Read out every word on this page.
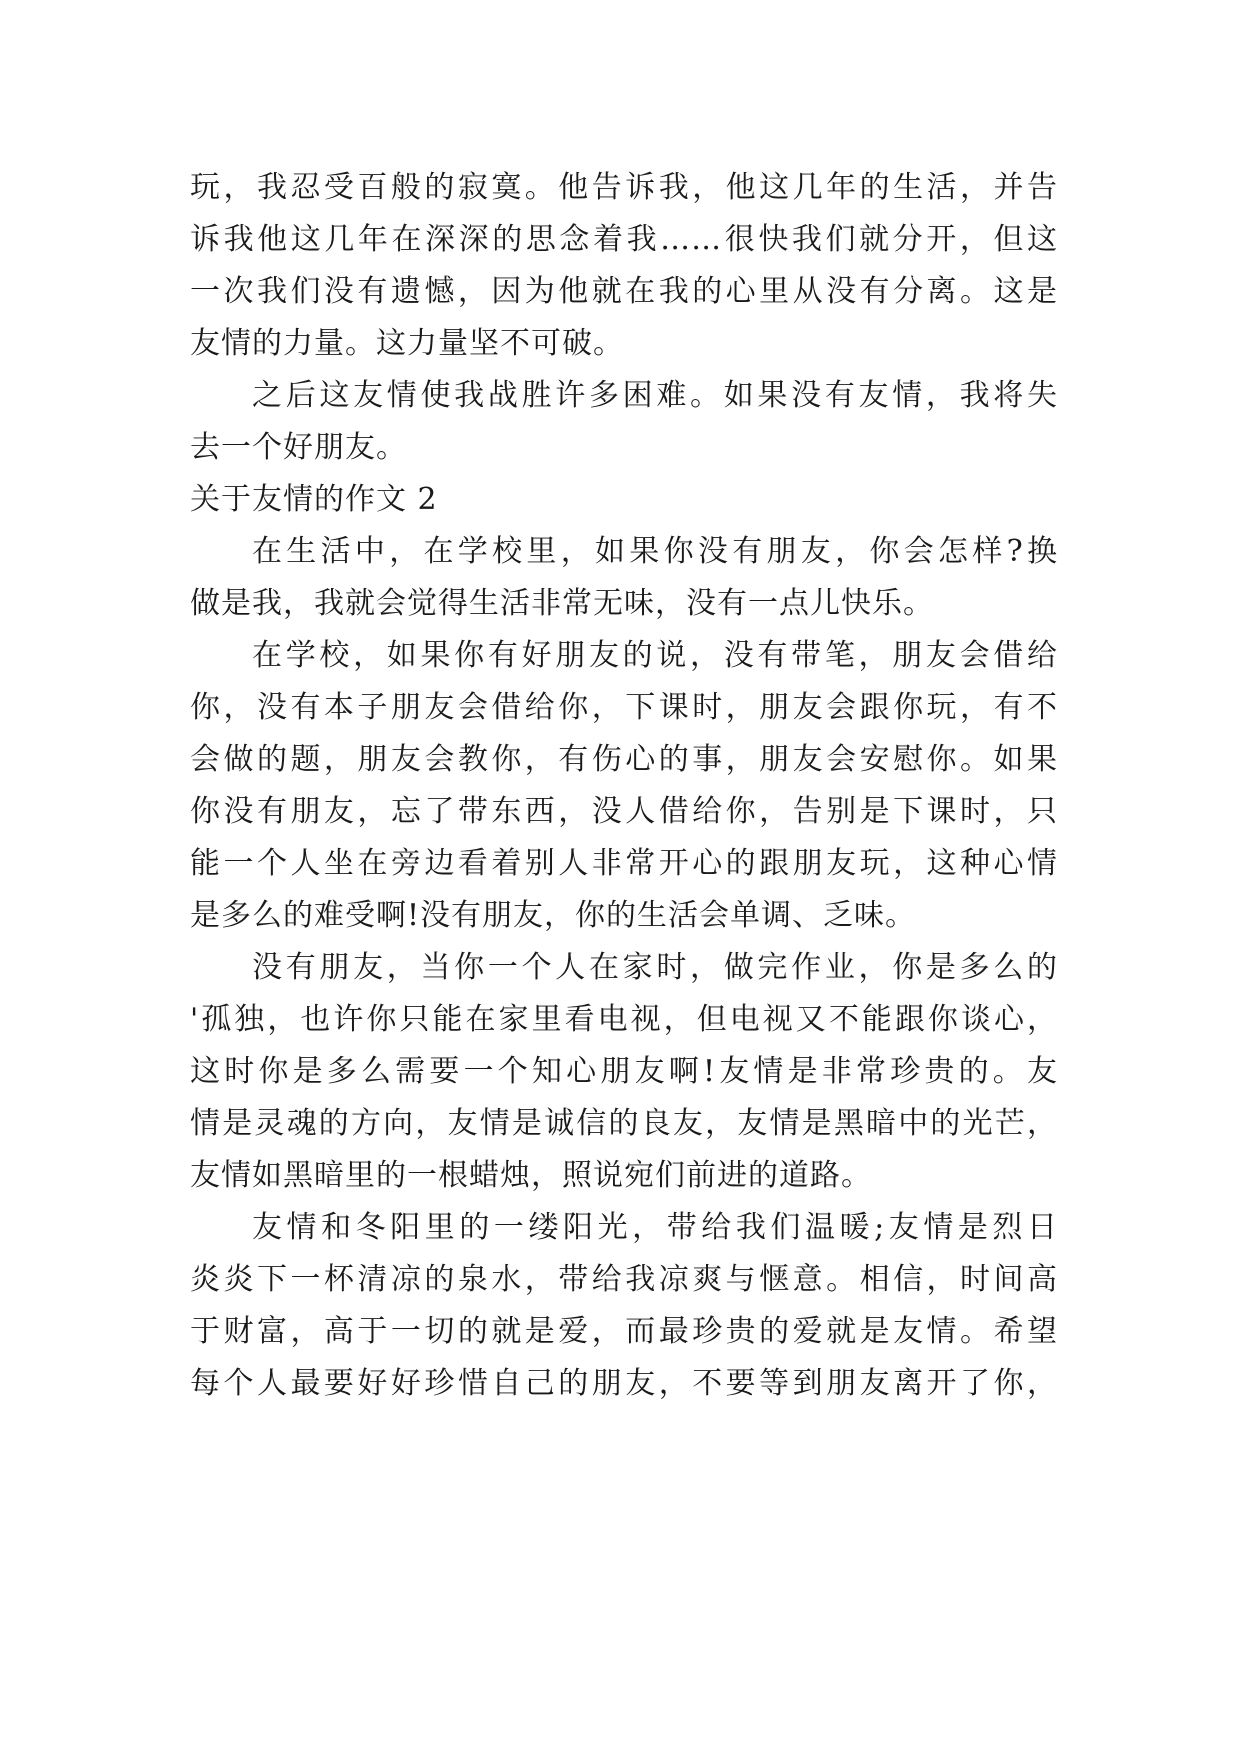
玩，我忍受百般的寂寞。他告诉我，他这几年的生活，并告
诉我他这几年在深深的思念着我……很快我们就分开，但这
一次我们没有遗憾，因为他就在我的心里从没有分离。这是
友情的力量。这力量坚不可破。
之后这友情使我战胜许多困难。如果没有友情，我将失
去一个好朋友。
关于友情的作文 2
在生活中，在学校里，如果你没有朋友，你会怎样?换
做是我，我就会觉得生活非常无味，没有一点儿快乐。
在学校，如果你有好朋友的说，没有带笔，朋友会借给
你，没有本子朋友会借给你，下课时，朋友会跟你玩，有不
会做的题，朋友会教你，有伤心的事，朋友会安慰你。如果
你没有朋友，忘了带东西，没人借给你，告别是下课时，只
能一个人坐在旁边看着别人非常开心的跟朋友玩，这种心情
是多么的难受啊!没有朋友，你的生活会单调、乏味。
没有朋友，当你一个人在家时，做完作业，你是多么的
'孤独，也许你只能在家里看电视，但电视又不能跟你谈心，
这时你是多么需要一个知心朋友啊!友情是非常珍贵的。友
情是灵魂的方向，友情是诚信的良友，友情是黑暗中的光芒，
友情如黑暗里的一根蜡烛，照说宛们前进的道路。
友情和冬阳里的一缕阳光，带给我们温暖;友情是烈日
炎炎下一杯清凉的泉水，带给我凉爽与惬意。相信，时间高
于财富，高于一切的就是爱，而最珍贵的爱就是友情。希望
每个人最要好好珍惜自己的朋友，不要等到朋友离开了你，
